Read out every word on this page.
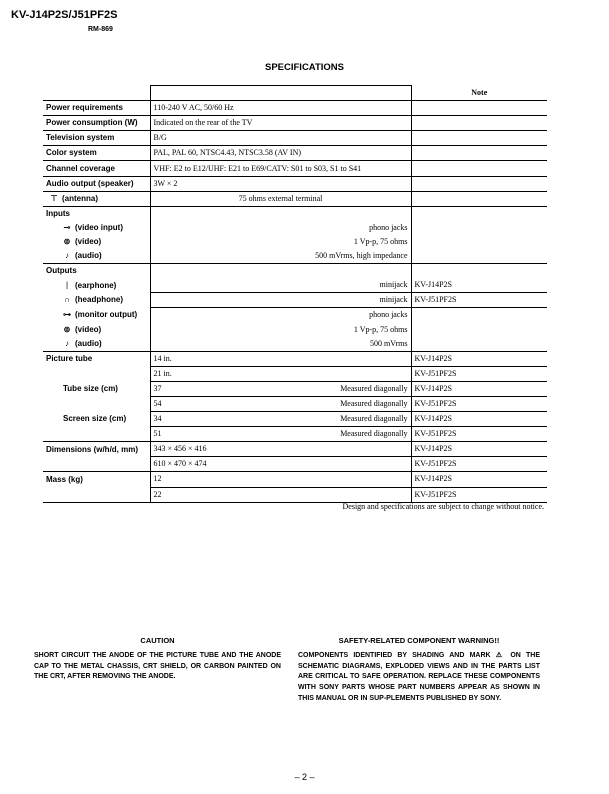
KV-J14P2S/J51PF2S
RM-869
SPECIFICATIONS
		Note
Power requirements	110-240 V AC, 50/60 Hz	
Power consumption (W)	Indicated on the rear of the TV	
Television system	B/G	
Color system	PAL, PAL 60, NTSC4.43, NTSC3.58 (AV IN)	
Channel coverage	VHF: E2 to E12/UHF: E21 to E69/CATV: S01 to S03, S1 to S41	
Audio output (speaker)	3W × 2	
⊤ (antenna)	75 ohms external terminal	
Inputs		
⊸ (video input)	phono jacks	
⊚ (video)	1 Vp-p, 75 ohms	
♪ (audio)	500 mVrms, high impedance	
Outputs		
ᛁ (earphone)	minijack	KV-J14P2S
∩ (headphone)	minijack	KV-J51PF2S
⊶ (monitor output)	phono jacks	
⊚ (video)	1 Vp-p, 75 ohms	
♪ (audio)	500 mVrms	
Picture tube	14 in.	KV-J14P2S
	21 in.	KV-J51PF2S
Tube size (cm)	37 Measured diagonally	KV-J14P2S
	54 Measured diagonally	KV-J51PF2S
Screen size (cm)	34 Measured diagonally	KV-J14P2S
	51 Measured diagonally	KV-J51PF2S
Dimensions (w/h/d, mm)	343 × 456 × 416	KV-J14P2S
	610 × 470 × 474	KV-J51PF2S
Mass (kg)	12	KV-J14P2S
	22	KV-J51PF2S
Design and specifications are subject to change without notice.
CAUTION
SHORT CIRCUIT THE ANODE OF THE PICTURE TUBE AND THE ANODE CAP TO THE METAL CHASSIS, CRT SHIELD, OR CARBON PAINTED ON THE CRT, AFTER REMOVING THE ANODE.
SAFETY-RELATED COMPONENT WARNING!!
COMPONENTS IDENTIFIED BY SHADING AND MARK ⚠ ON THE SCHEMATIC DIAGRAMS, EXPLODED VIEWS AND IN THE PARTS LIST ARE CRITICAL TO SAFE OPERATION. REPLACE THESE COMPONENTS WITH SONY PARTS WHOSE PART NUMBERS APPEAR AS SHOWN IN THIS MANUAL OR IN SUP-PLEMENTS PUBLISHED BY SONY.
– 2 –
